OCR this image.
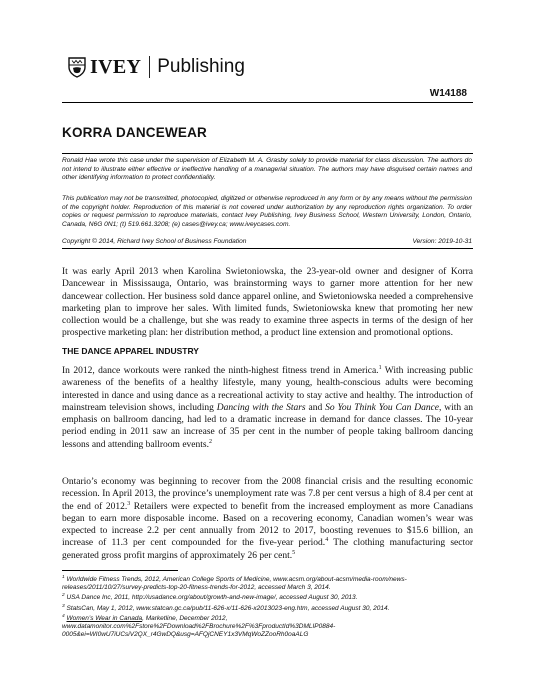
IVEY Publishing
W14188
KORRA DANCEWEAR

Ronald Hae wrote this case under the supervision of Elizabeth M. A. Grasby solely to provide material for class discussion. The authors do not intend to illustrate either effective or ineffective handling of a managerial situation. The authors may have disguised certain names and other identifying information to protect confidentiality.

This publication may not be transmitted, photocopied, digitized or otherwise reproduced in any form or by any means without the permission of the copyright holder. Reproduction of this material is not covered under authorization by any reproduction rights organization. To order copies or request permission to reproduce materials, contact Ivey Publishing, Ivey Business School, Western University, London, Ontario, Canada, N6G 0N1; (t) 519.661.3208; (e) cases@ivey.ca; www.iveycases.com.

Copyright © 2014, Richard Ivey School of Business Foundation	Version: 2019-10-31

It was early April 2013 when Karolina Swietoniowska, the 23-year-old owner and designer of Korra Dancewear in Mississauga, Ontario, was brainstorming ways to garner more attention for her new dancewear collection. Her business sold dance apparel online, and Swietoniowska needed a comprehensive marketing plan to improve her sales. With limited funds, Swietoniowska knew that promoting her new collection would be a challenge, but she was ready to examine three aspects in terms of the design of her prospective marketing plan: her distribution method, a product line extension and promotional options.

THE DANCE APPAREL INDUSTRY

In 2012, dance workouts were ranked the ninth-highest fitness trend in America.$^1$ With increasing public awareness of the benefits of a healthy lifestyle, many young, health-conscious adults were becoming interested in dance and using dance as a recreational activity to stay active and healthy. The introduction of mainstream television shows, including Dancing with the Stars and So You Think You Can Dance, with an emphasis on ballroom dancing, had led to a dramatic increase in demand for dance classes. The 10-year period ending in 2011 saw an increase of 35 per cent in the number of people taking ballroom dancing lessons and attending ballroom events.$^2$

Ontario’s economy was beginning to recover from the 2008 financial crisis and the resulting economic recession. In April 2013, the province’s unemployment rate was 7.8 per cent versus a high of 8.4 per cent at the end of 2012.$^3$ Retailers were expected to benefit from the increased employment as more Canadians began to earn more disposable income. Based on a recovering economy, Canadian women’s wear was expected to increase 2.2 per cent annually from 2012 to 2017, boosting revenues to $15.6 billion, an increase of 11.3 per cent compounded for the five-year period.$^4$ The clothing manufacturing sector generated gross profit margins of approximately 26 per cent.$^5$

$^1$ Worldwide Fitness Trends, 2012, American College Sports of Medicine, www.acsm.org/about-acsm/media-room/news-releases/2011/10/27/survey-predicts-top-20-fitness-trends-for-2012, accessed March 3, 2014.
$^2$ USA Dance Inc, 2011, http://usadance.org/about/growth-and-new-image/, accessed August 30, 2013.
$^3$ StatsCan, May 1, 2012, www.statcan.gc.ca/pub/11-626-x/11-626-x2013023-eng.htm, accessed August 30, 2014.
$^4$ Women’s Wear in Canada, Marketline, December 2012, www.datamonitor.com%2Fstore%2FDownload%2FBrochure%2F%3FproductId%3DMLIP0884-0005&ei=WI0wU7iUCsiV2QX_r4GwDQ&usg=AFQjCNEY1x3VMqWoZZooRh0oaALG
